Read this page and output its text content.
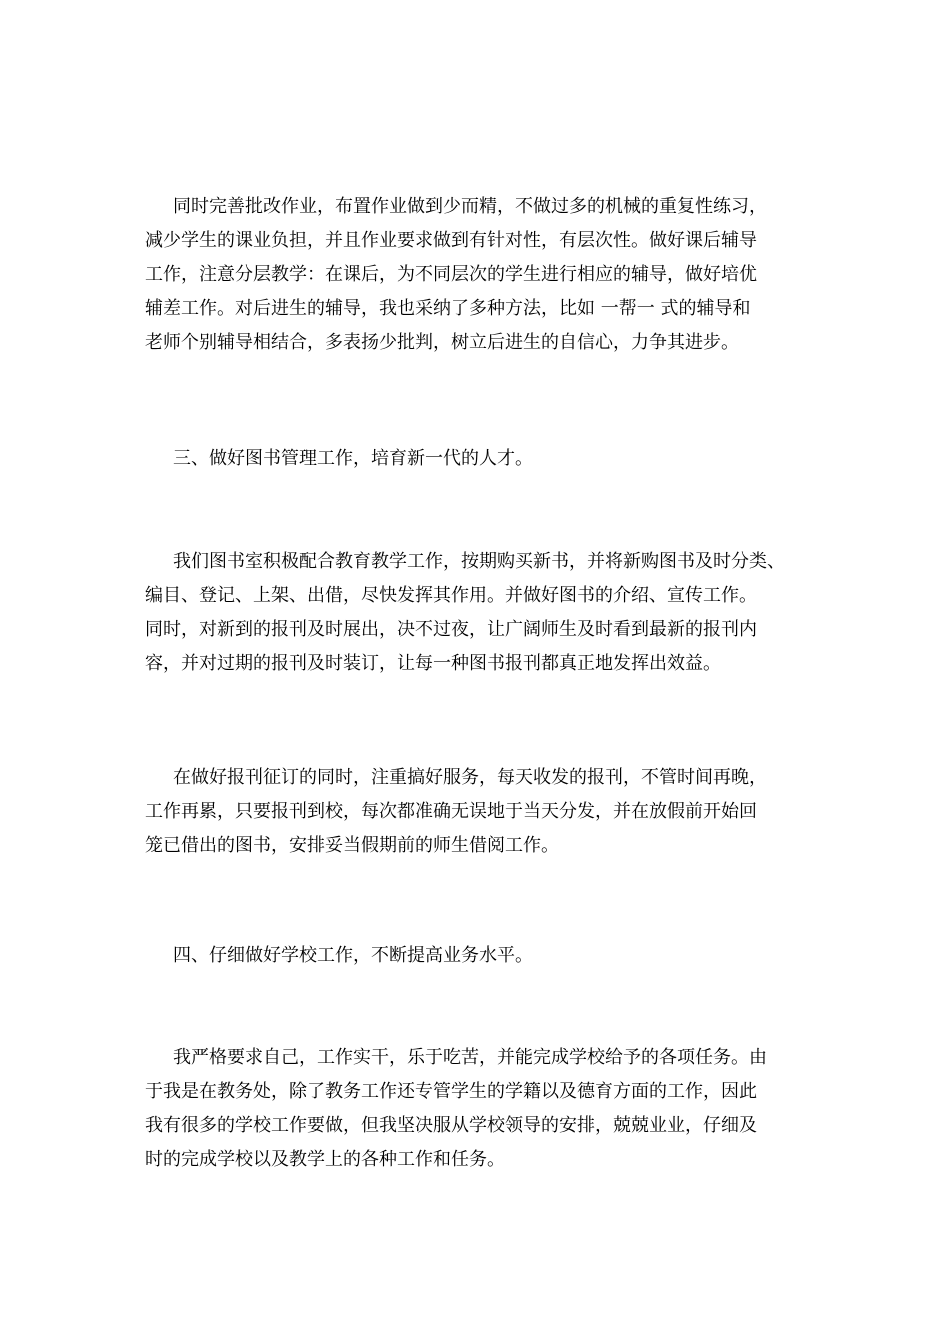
同时完善批改作业，布置作业做到少而精，不做过多的机械的重复性练习，
减少学生的课业负担，并且作业要求做到有针对性，有层次性。做好课后辅导
工作，注意分层教学：在课后，为不同层次的学生进行相应的辅导，做好培优
辅差工作。对后进生的辅导，我也采纳了多种方法，比如 一帮一 式的辅导和
老师个别辅导相结合，多表扬少批判，树立后进生的自信心，力争其进步。
三、做好图书管理工作，培育新一代的人才。
我们图书室积极配合教育教学工作，按期购买新书，并将新购图书及时分类、
编目、登记、上架、出借，尽快发挥其作用。并做好图书的介绍、宣传工作。
同时，对新到的报刊及时展出，决不过夜，让广阔师生及时看到最新的报刊内
容，并对过期的报刊及时装订，让每一种图书报刊都真正地发挥出效益。
在做好报刊征订的同时，注重搞好服务，每天收发的报刊，不管时间再晚，
工作再累，只要报刊到校，每次都准确无误地于当天分发，并在放假前开始回
笼已借出的图书，安排妥当假期前的师生借阅工作。
四、仔细做好学校工作，不断提高业务水平。
我严格要求自己，工作实干，乐于吃苦，并能完成学校给予的各项任务。由
于我是在教务处，除了教务工作还专管学生的学籍以及德育方面的工作，因此
我有很多的学校工作要做，但我坚决服从学校领导的安排，兢兢业业，仔细及
时的完成学校以及教学上的各种工作和任务。
